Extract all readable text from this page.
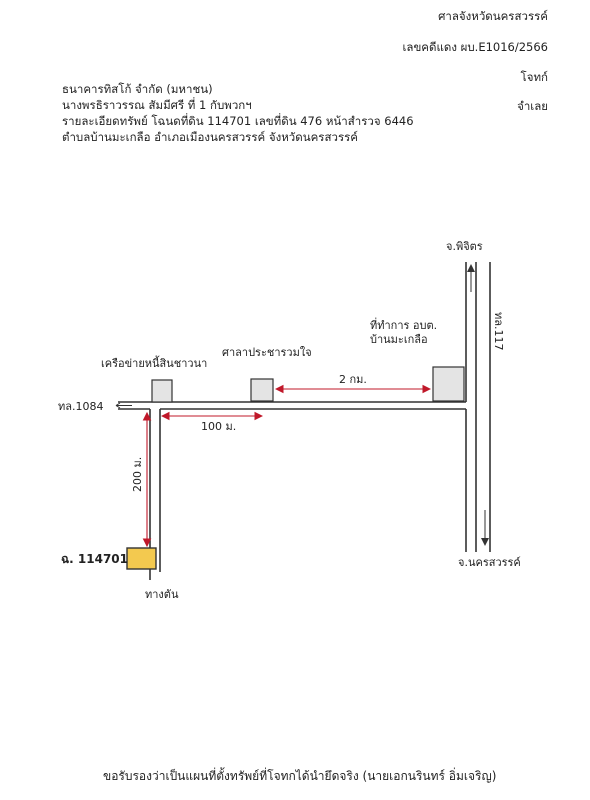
ศาลจังหวัดนครสวรรค์
เลขคดีแดง ผบ.E1016/2566
โจทก์
จำเลย
ธนาคารทิสโก้ จำกัด (มหาชน)
นางพรธิราวรรณ สัมมีศรี ที่ 1 กับพวกฯ
รายละเอียดทรัพย์ โฉนดที่ดิน 114701 เลขที่ดิน 476 หน้าสำรวจ 6446
ตำบลบ้านมะเกลือ อำเภอเมืองนครสวรรค์ จังหวัดนครสวรรค์
จ.พิจิตร
จ.นครสวรรค์
ทล.117
ทล.1084
เครือข่ายหนี้สินชาวนา
ศาลาประชารวมใจ
ที่ทำการ อบต.
บ้านมะเกลือ
2 กม.
100 ม.
200 ม.
ฉ. 114701
ทางตัน
ขอรับรองว่าเป็นแผนที่ตั้งทรัพย์ที่โจทกได้นำยึดจริง (นายเอกนรินทร์ อิ่มเจริญ)
